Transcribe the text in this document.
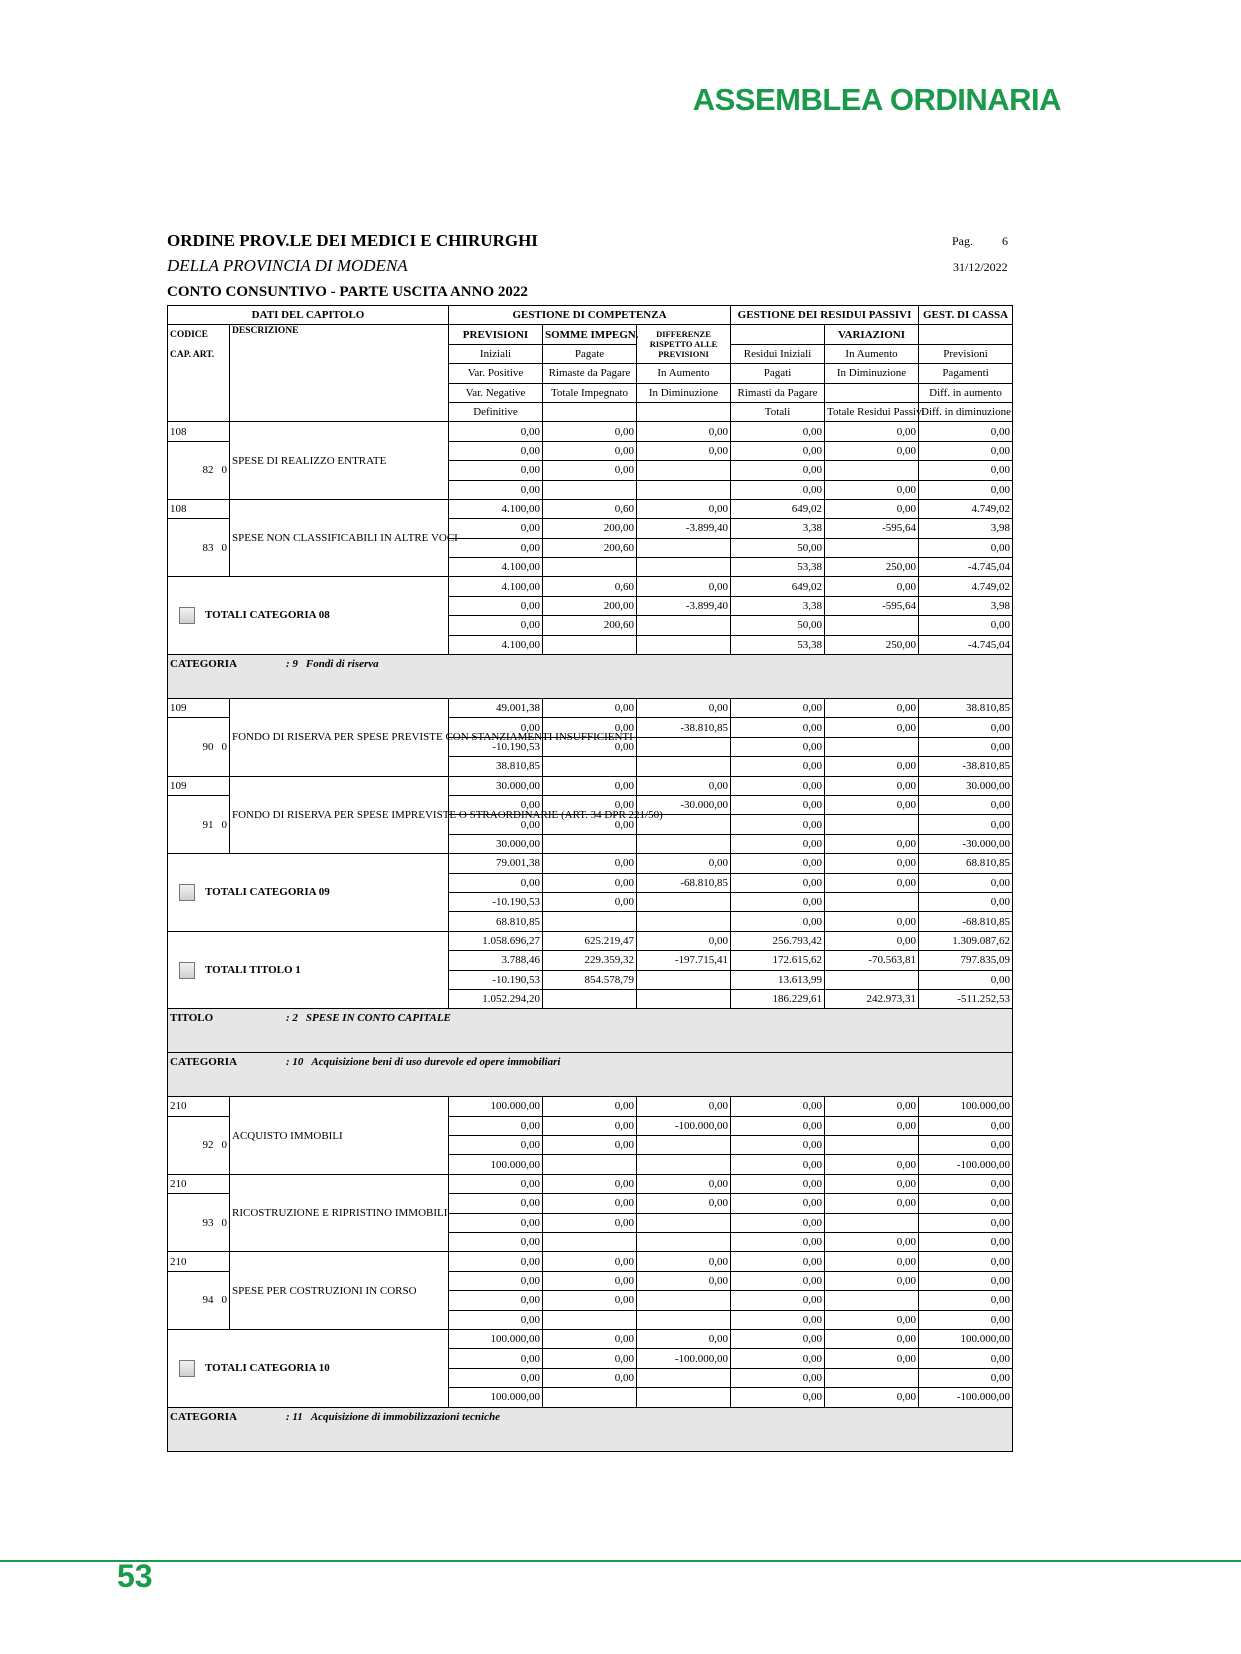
ASSEMBLEA ORDINARIA
ORDINE PROV.LE DEI MEDICI E CHIRURGHI
DELLA PROVINCIA DI MODENA
CONTO CONSUNTIVO - PARTE USCITA ANNO 2022
Pag. 6
31/12/2022
DATI DEL CAPITOLO		GESTIONE DI COMPETENZA			GESTIONE DEI RESIDUI PASSIVI		GEST. DI CASSA
CODICE
CAP. ART.	DESCRIZIONE	PREVISIONI	SOMME IMPEGN.	DIFFERENZE RISPETTO ALLE PREVISIONI		VARIAZIONI	
		Iniziali	Pagate		Residui Iniziali	In Aumento	Previsioni
		Var. Positive	Rimaste da Pagare	In Aumento	Pagati	In Diminuzione	Pagamenti
		Var. Negative	Totale Impegnato	In Diminuzione	Rimasti da Pagare		Diff. in aumento
		Definitive			Totali	Totale Residui Passivi	Diff. in diminuzione
108	SPESE DI REALIZZO ENTRATE	0,00	0,00	0,00	0,00	0,00	0,00
82 0		0,00	0,00	0,00	0,00	0,00	0,00
		0,00	0,00		0,00		0,00
		0,00			0,00	0,00	0,00
108	SPESE NON CLASSIFICABILI IN ALTRE VOCI	4.100,00	0,60	0,00	649,02	0,00	4.749,02
83 0		0,00	200,00	-3.899,40	3,38	-595,64	3,98
		0,00	200,60		50,00		0,00
		4.100,00			53,38	250,00	-4.745,04
TOTALI CATEGORIA 08		4.100,00	0,60	0,00	649,02	0,00	4.749,02
		0,00	200,00	-3.899,40	3,38	-595,64	3,98
		0,00	200,60		50,00		0,00
		4.100,00			53,38	250,00	-4.745,04
CATEGORIA : 9 Fondi di riserva							
109	FONDO DI RISERVA PER SPESE PREVISTE CON STANZIAMENTI INSUFFICIENTI	49.001,38	0,00	0,00	0,00	0,00	38.810,85
90 0		0,00	0,00	-38.810,85	0,00	0,00	0,00
		-10.190,53	0,00		0,00		0,00
		38.810,85			0,00	0,00	-38.810,85
109	FONDO DI RISERVA PER SPESE IMPREVISTE O STRAORDINARIE (ART. 34 DPR 221/50)	30.000,00	0,00	0,00	0,00	0,00	30.000,00
91 0		0,00	0,00	-30.000,00	0,00	0,00	0,00
		0,00	0,00		0,00		0,00
		30.000,00			0,00	0,00	-30.000,00
TOTALI CATEGORIA 09		79.001,38	0,00	0,00	0,00	0,00	68.810,85
		0,00	0,00	-68.810,85	0,00	0,00	0,00
		-10.190,53	0,00		0,00		0,00
		68.810,85			0,00	0,00	-68.810,85
TOTALI TITOLO 1		1.058.696,27	625.219,47	0,00	256.793,42	0,00	1.309.087,62
		3.788,46	229.359,32	-197.715,41	172.615,62	-70.563,81	797.835,09
		-10.190,53	854.578,79		13.613,99		0,00
		1.052.294,20			186.229,61	242.973,31	-511.252,53
TITOLO : 2 SPESE IN CONTO CAPITALE							
CATEGORIA : 10 Acquisizione beni di uso durevole ed opere immobiliari							
210	ACQUISTO IMMOBILI	100.000,00	0,00	0,00	0,00	0,00	100.000,00
92 0		0,00	0,00	-100.000,00	0,00	0,00	0,00
		0,00	0,00		0,00		0,00
		100.000,00			0,00	0,00	-100.000,00
210	RICOSTRUZIONE E RIPRISTINO IMMOBILI	0,00	0,00	0,00	0,00	0,00	0,00
93 0		0,00	0,00	0,00	0,00	0,00	0,00
		0,00	0,00		0,00		0,00
		0,00			0,00	0,00	0,00
210	SPESE PER COSTRUZIONI IN CORSO	0,00	0,00	0,00	0,00	0,00	0,00
94 0		0,00	0,00	0,00	0,00	0,00	0,00
		0,00	0,00		0,00		0,00
		0,00			0,00	0,00	0,00
TOTALI CATEGORIA 10		100.000,00	0,00	0,00	0,00	0,00	100.000,00
		0,00	0,00	-100.000,00	0,00	0,00	0,00
		0,00	0,00		0,00		0,00
		100.000,00			0,00	0,00	-100.000,00
CATEGORIA : 11 Acquisizione di immobilizzazioni tecniche							
53
